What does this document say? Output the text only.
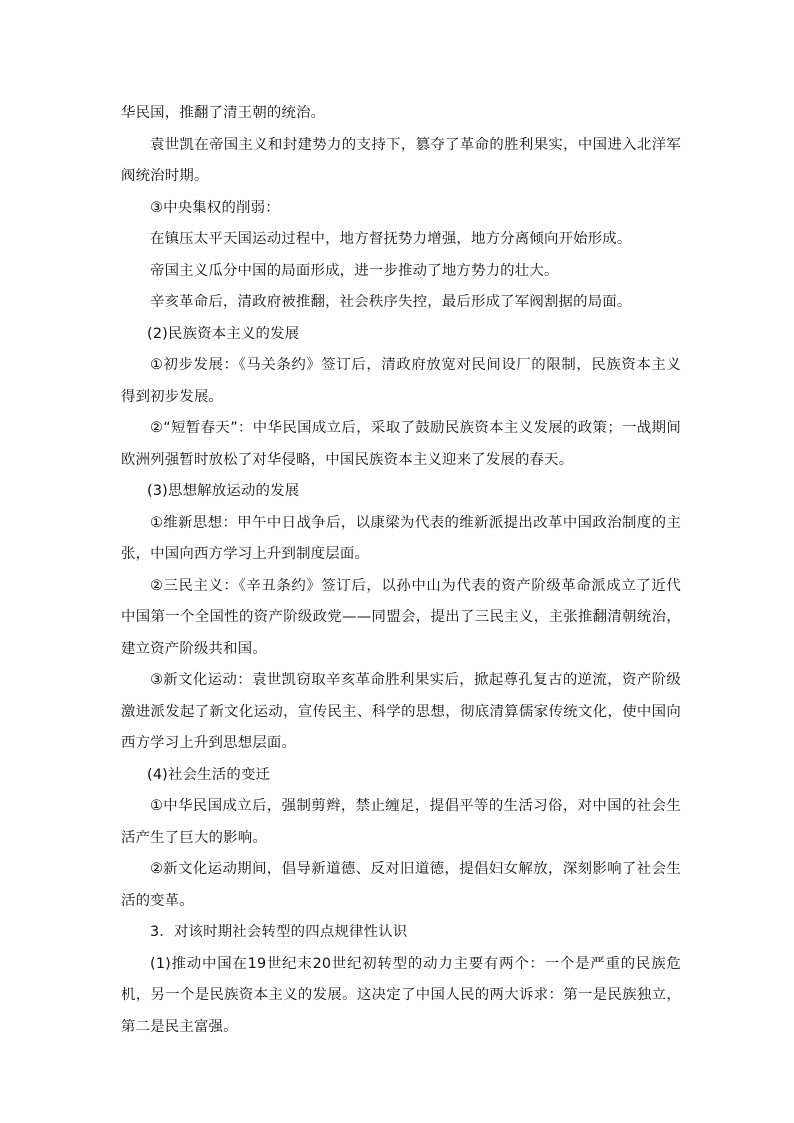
华民国，推翻了清王朝的统治。

袁世凯在帝国主义和封建势力的支持下，篡夺了革命的胜利果实，中国进入北洋军阀统治时期。

③中央集权的削弱：

在镇压太平天国运动过程中，地方督抚势力增强，地方分离倾向开始形成。

帝国主义瓜分中国的局面形成，进一步推动了地方势力的壮大。

辛亥革命后，清政府被推翻，社会秩序失控，最后形成了军阀割据的局面。

(2)民族资本主义的发展

①初步发展：《马关条约》签订后，清政府放宽对民间设厂的限制，民族资本主义得到初步发展。

②“短暂春天”：中华民国成立后，采取了鼓励民族资本主义发展的政策；一战期间欧洲列强暂时放松了对华侵略，中国民族资本主义迎来了发展的春天。

(3)思想解放运动的发展

①维新思想：甲午中日战争后，以康梁为代表的维新派提出改革中国政治制度的主张，中国向西方学习上升到制度层面。

②三民主义：《辛丑条约》签订后，以孙中山为代表的资产阶级革命派成立了近代中国第一个全国性的资产阶级政党——同盟会，提出了三民主义，主张推翻清朝统治，建立资产阶级共和国。

③新文化运动：袁世凯窃取辛亥革命胜利果实后，掀起尊孔复古的逆流，资产阶级激进派发起了新文化运动，宣传民主、科学的思想，彻底清算儒家传统文化，使中国向西方学习上升到思想层面。

(4)社会生活的变迁

①中华民国成立后，强制剪辫，禁止缠足，提倡平等的生活习俗，对中国的社会生活产生了巨大的影响。

②新文化运动期间，倡导新道德、反对旧道德，提倡妇女解放，深刻影响了社会生活的变革。

3．对该时期社会转型的四点规律性认识

(1)推动中国在19世纪末20世纪初转型的动力主要有两个：一个是严重的民族危机，另一个是民族资本主义的发展。这决定了中国人民的两大诉求：第一是民族独立，第二是民主富强。
